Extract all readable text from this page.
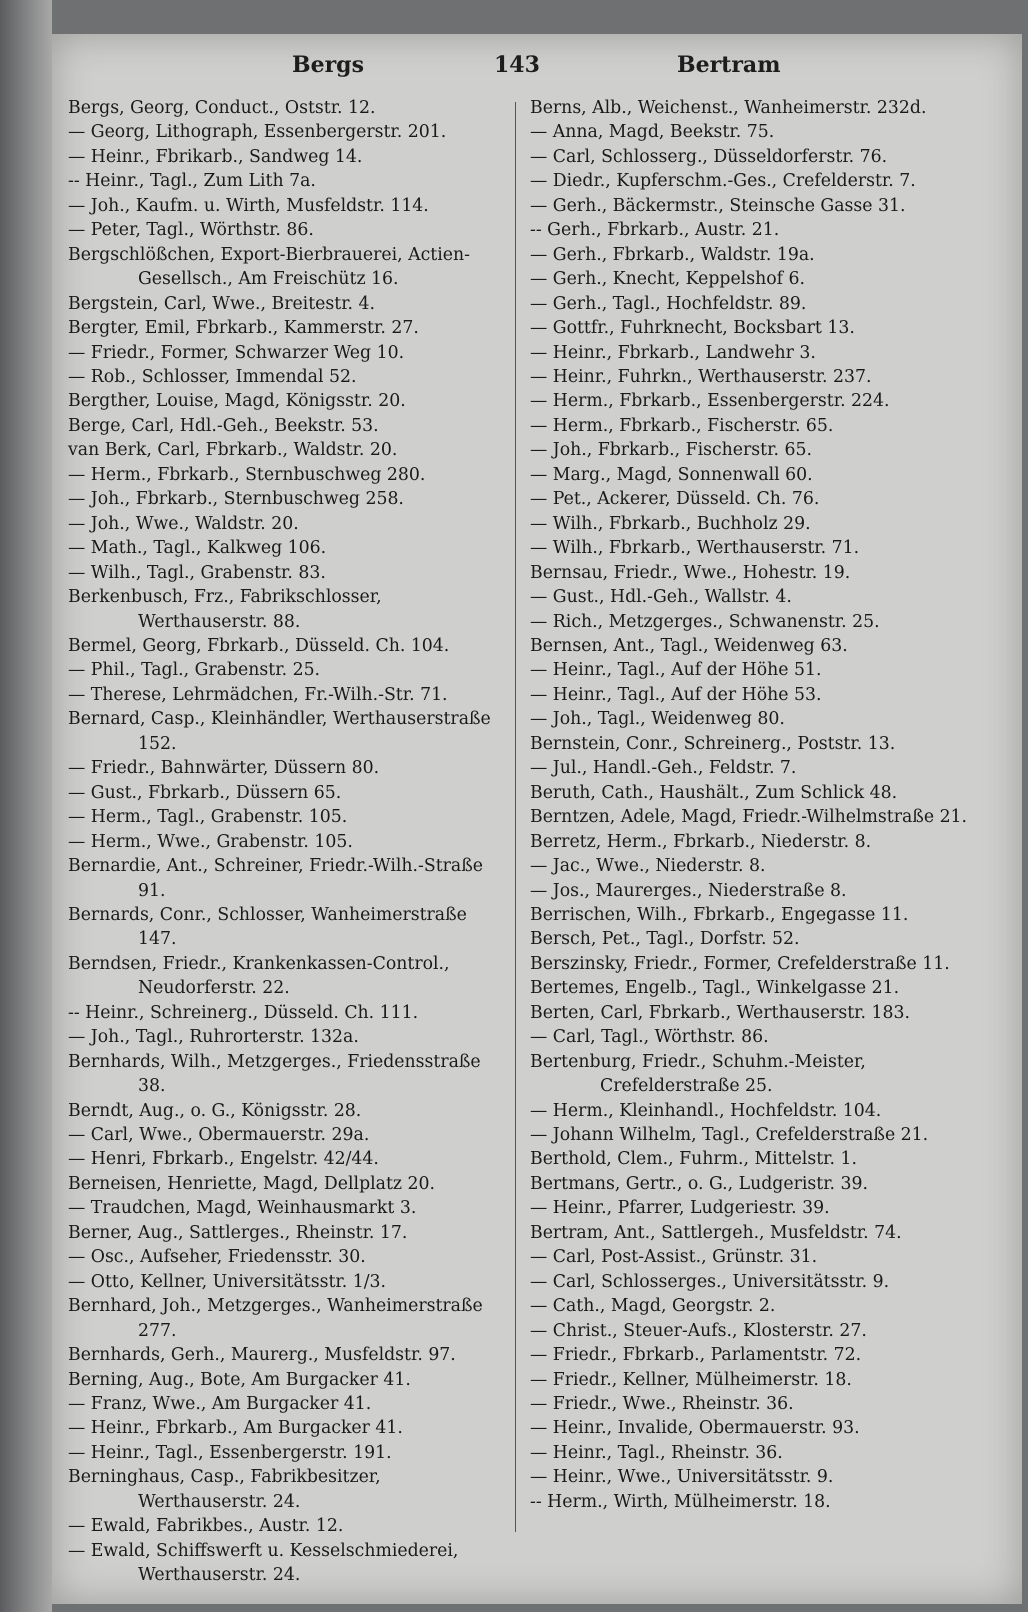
Bergs	143	Bertram
Bergs, Georg, Conduct., Oststr. 12.
— Georg, Lithograph, Essenbergerstr. 201.
— Heinr., Fbrikarb., Sandweg 14.
-- Heinr., Tagl., Zum Lith 7a.
— Joh., Kaufm. u. Wirth, Musfeldstr. 114.
— Peter, Tagl., Wörthstr. 86.
Bergschlößchen, Export-Bierbrauerei, Actien-Gesellsch., Am Freischütz 16.
Bergstein, Carl, Wwe., Breitestr. 4.
Bergter, Emil, Fbrkarb., Kammerstr. 27.
— Friedr., Former, Schwarzer Weg 10.
— Rob., Schlosser, Immendal 52.
Bergther, Louise, Magd, Königsstr. 20.
Berge, Carl, Hdl.-Geh., Beekstr. 53.
van Berk, Carl, Fbrkarb., Waldstr. 20.
— Herm., Fbrkarb., Sternbuschweg 280.
— Joh., Fbrkarb., Sternbuschweg 258.
— Joh., Wwe., Waldstr. 20.
— Math., Tagl., Kalkweg 106.
— Wilh., Tagl., Grabenstr. 83.
Berkenbusch, Frz., Fabrikschlosser, Werthauserstr. 88.
Bermel, Georg, Fbrkarb., Düsseld. Ch. 104.
— Phil., Tagl., Grabenstr. 25.
— Therese, Lehrmädchen, Fr.-Wilh.-Str. 71.
Bernard, Casp., Kleinhändler, Werthauserstraße 152.
— Friedr., Bahnwärter, Düssern 80.
— Gust., Fbrkarb., Düssern 65.
— Herm., Tagl., Grabenstr. 105.
— Herm., Wwe., Grabenstr. 105.
Bernardie, Ant., Schreiner, Friedr.-Wilh.-Straße 91.
Bernards, Conr., Schlosser, Wanheimerstraße 147.
Berndsen, Friedr., Krankenkassen-Control., Neudorferstr. 22.
-- Heinr., Schreinerg., Düsseld. Ch. 111.
— Joh., Tagl., Ruhrorterstr. 132a.
Bernhards, Wilh., Metzgerges., Friedensstraße 38.
Berndt, Aug., o. G., Königsstr. 28.
— Carl, Wwe., Obermauerstr. 29a.
— Henri, Fbrkarb., Engelstr. 42/44.
Berneisen, Henriette, Magd, Dellplatz 20.
— Traudchen, Magd, Weinhausmarkt 3.
Berner, Aug., Sattlerges., Rheinstr. 17.
— Osc., Aufseher, Friedensstr. 30.
— Otto, Kellner, Universitätsstr. 1/3.
Bernhard, Joh., Metzgerges., Wanheimerstraße 277.
Bernhards, Gerh., Maurerg., Musfeldstr. 97.
Berning, Aug., Bote, Am Burgacker 41.
— Franz, Wwe., Am Burgacker 41.
— Heinr., Fbrkarb., Am Burgacker 41.
— Heinr., Tagl., Essenbergerstr. 191.
Berninghaus, Casp., Fabrikbesitzer, Werthauserstr. 24.
— Ewald, Fabrikbes., Austr. 12.
— Ewald, Schiffswerft u. Kesselschmiederei, Werthauserstr. 24.
Berns, Alb., Weichenst., Wanheimerstr. 232d.
— Anna, Magd, Beekstr. 75.
— Carl, Schlosserg., Düsseldorferstr. 76.
— Diedr., Kupferschm.-Ges., Crefelderstr. 7.
— Gerh., Bäckermstr., Steinsche Gasse 31.
-- Gerh., Fbrkarb., Austr. 21.
— Gerh., Fbrkarb., Waldstr. 19a.
— Gerh., Knecht, Keppelshof 6.
— Gerh., Tagl., Hochfeldstr. 89.
— Gottfr., Fuhrknecht, Bocksbart 13.
— Heinr., Fbrkarb., Landwehr 3.
— Heinr., Fuhrkn., Werthauserstr. 237.
— Herm., Fbrkarb., Essenbergerstr. 224.
— Herm., Fbrkarb., Fischerstr. 65.
— Joh., Fbrkarb., Fischerstr. 65.
— Marg., Magd, Sonnenwall 60.
— Pet., Ackerer, Düsseld. Ch. 76.
— Wilh., Fbrkarb., Buchholz 29.
— Wilh., Fbrkarb., Werthauserstr. 71.
Bernsau, Friedr., Wwe., Hohestr. 19.
— Gust., Hdl.-Geh., Wallstr. 4.
— Rich., Metzgerges., Schwanenstr. 25.
Bernsen, Ant., Tagl., Weidenweg 63.
— Heinr., Tagl., Auf der Höhe 51.
— Heinr., Tagl., Auf der Höhe 53.
— Joh., Tagl., Weidenweg 80.
Bernstein, Conr., Schreinerg., Poststr. 13.
— Jul., Handl.-Geh., Feldstr. 7.
Beruth, Cath., Haushält., Zum Schlick 48.
Berntzen, Adele, Magd, Friedr.-Wilhelmstraße 21.
Berretz, Herm., Fbrkarb., Niederstr. 8.
— Jac., Wwe., Niederstr. 8.
— Jos., Maurerges., Niederstraße 8.
Berrischen, Wilh., Fbrkarb., Engegasse 11.
Bersch, Pet., Tagl., Dorfstr. 52.
Berszinsky, Friedr., Former, Crefelderstraße 11.
Bertemes, Engelb., Tagl., Winkelgasse 21.
Berten, Carl, Fbrkarb., Werthauserstr. 183.
— Carl, Tagl., Wörthstr. 86.
Bertenburg, Friedr., Schuhm.-Meister, Crefelderstraße 25.
— Herm., Kleinhandl., Hochfeldstr. 104.
— Johann Wilhelm, Tagl., Crefelderstraße 21.
Berthold, Clem., Fuhrm., Mittelstr. 1.
Bertmans, Gertr., o. G., Ludgeristr. 39.
— Heinr., Pfarrer, Ludgeriestr. 39.
Bertram, Ant., Sattlergeh., Musfeldstr. 74.
— Carl, Post-Assist., Grünstr. 31.
— Carl, Schlosserges., Universitätsstr. 9.
— Cath., Magd, Georgstr. 2.
— Christ., Steuer-Aufs., Klosterstr. 27.
— Friedr., Fbrkarb., Parlamentstr. 72.
— Friedr., Kellner, Mülheimerstr. 18.
— Friedr., Wwe., Rheinstr. 36.
— Heinr., Invalide, Obermauerstr. 93.
— Heinr., Tagl., Rheinstr. 36.
— Heinr., Wwe., Universitätsstr. 9.
-- Herm., Wirth, Mülheimerstr. 18.
